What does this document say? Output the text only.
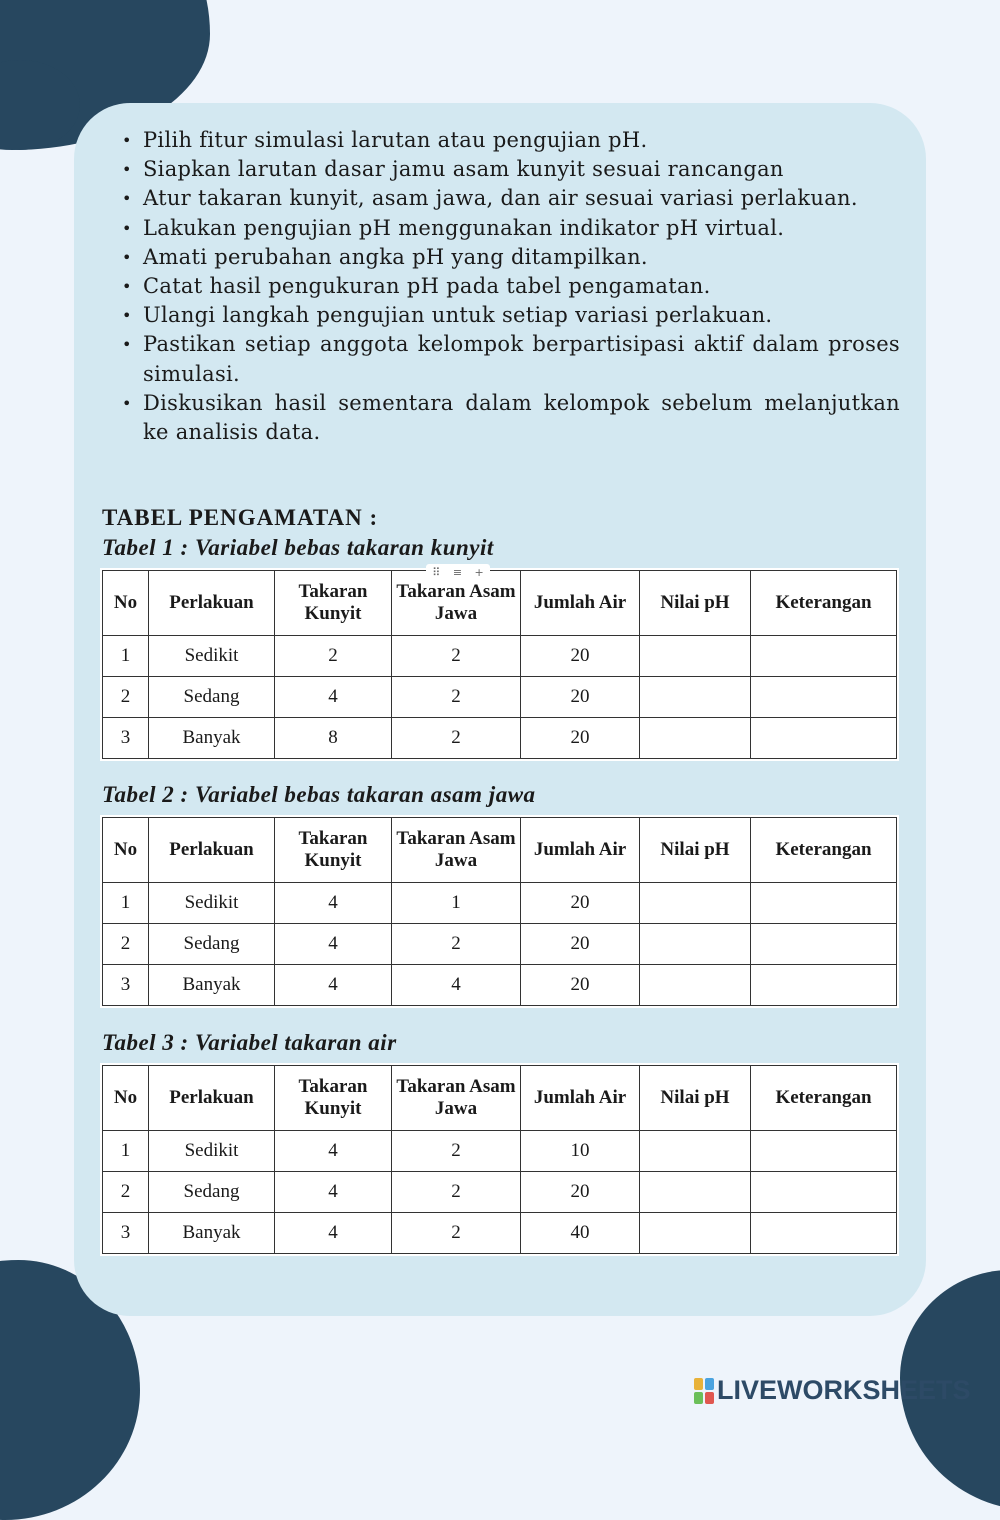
• Pilih fitur simulasi larutan atau pengujian pH.
• Siapkan larutan dasar jamu asam kunyit sesuai rancangan
• Atur takaran kunyit, asam jawa, dan air sesuai variasi perlakuan.
• Lakukan pengujian pH menggunakan indikator pH virtual.
• Amati perubahan angka pH yang ditampilkan.
• Catat hasil pengukuran pH pada tabel pengamatan.
• Ulangi langkah pengujian untuk setiap variasi perlakuan.
• Pastikan setiap anggota kelompok berpartisipasi aktif dalam proses simulasi.
• Diskusikan hasil sementara dalam kelompok sebelum melanjutkan ke analisis data.
TABEL PENGAMATAN :
Tabel 1 : Variabel bebas takaran kunyit
No	Perlakuan	Takaran Kunyit	Takaran Asam Jawa	Jumlah Air	Nilai pH	Keterangan
1	Sedikit	2	2	20		
2	Sedang	4	2	20		
3	Banyak	8	2	20		
⠿ ≡ +
Tabel 2 : Variabel bebas takaran asam jawa
No	Perlakuan	Takaran Kunyit	Takaran Asam Jawa	Jumlah Air	Nilai pH	Keterangan
1	Sedikit	4	1	20		
2	Sedang	4	2	20		
3	Banyak	4	4	20		
Tabel 3 : Variabel takaran air
No	Perlakuan	Takaran Kunyit	Takaran Asam Jawa	Jumlah Air	Nilai pH	Keterangan
1	Sedikit	4	2	10		
2	Sedang	4	2	20		
3	Banyak	4	2	40		
LIVEWORKSHEETS
